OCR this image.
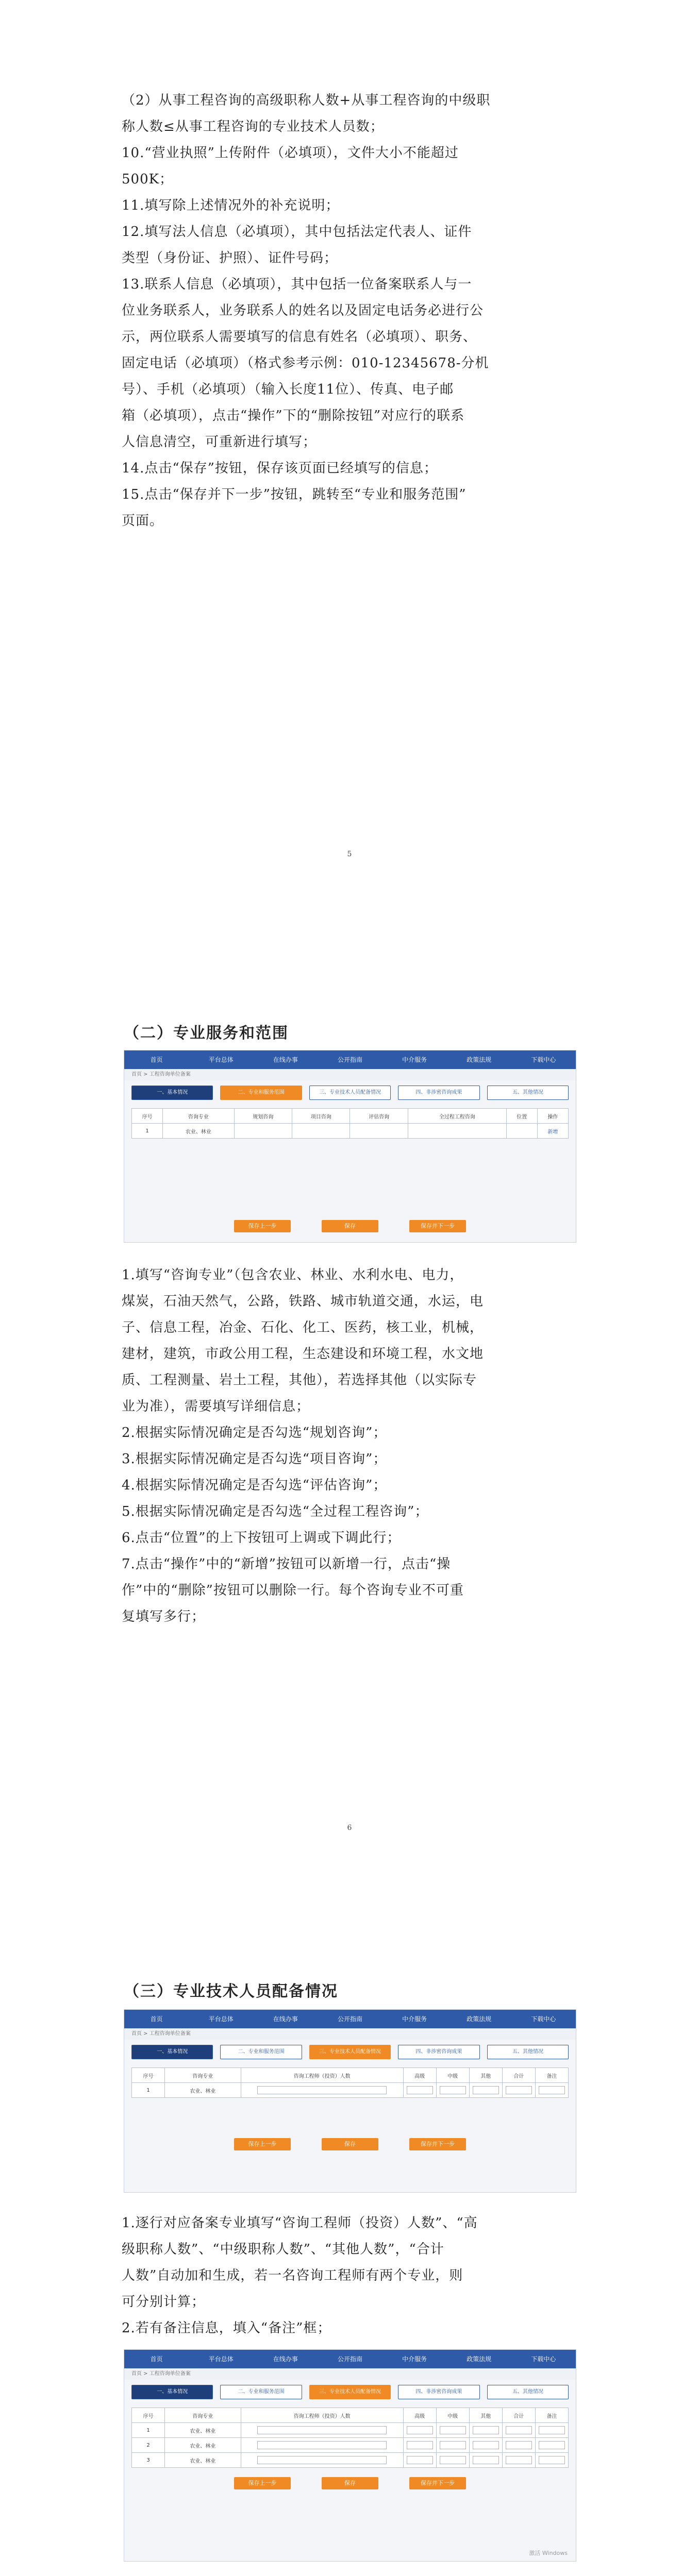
（2）从事工程咨询的高级职称人数+从事工程咨询的中级职
称人数≤从事工程咨询的专业技术人员数；
10.“营业执照”上传附件（必填项），文件大小不能超过
500K；
11.填写除上述情况外的补充说明；
12.填写法人信息（必填项），其中包括法定代表人、证件
类型（身份证、护照）、证件号码；
13.联系人信息（必填项），其中包括一位备案联系人与一
位业务联系人，业务联系人的姓名以及固定电话务必进行公
示，两位联系人需要填写的信息有姓名（必填项）、职务、
固定电话（必填项）（格式参考示例：010-12345678-分机
号）、手机（必填项）（输入长度11位）、传真、电子邮
箱（必填项），点击“操作”下的“删除按钮”对应行的联系
人信息清空，可重新进行填写；
14.点击“保存”按钮，保存该页面已经填写的信息；
15.点击“保存并下一步”按钮，跳转至“专业和服务范围”
页面。
5
（二）专业服务和范围
首页	平台总体	在线办事	公开指南	中介服务	政策法规	下载中心
首页 > 工程咨询单位备案
一、基本情况	二、专业和服务范围	三、专业技术人员配备情况	四、非涉密咨询成果	五、其他情况
序号	咨询专业	规划咨询	项目咨询	评估咨询	全过程工程咨询	位置	操作
1	农业、林业						新增
保存上一步	保存	保存并下一步
1.填写“咨询专业”（包含农业、林业、水利水电、电力，
煤炭，石油天然气，公路，铁路、城市轨道交通，水运，电
子、信息工程，冶金、石化、化工、医药，核工业，机械，
建材，建筑，市政公用工程，生态建设和环境工程，水文地
质、工程测量、岩土工程，其他），若选择其他（以实际专
业为准），需要填写详细信息；
2.根据实际情况确定是否勾选“规划咨询”；
3.根据实际情况确定是否勾选“项目咨询”；
4.根据实际情况确定是否勾选“评估咨询”；
5.根据实际情况确定是否勾选“全过程工程咨询”；
6.点击“位置”的上下按钮可上调或下调此行；
7.点击“操作”中的“新增”按钮可以新增一行，点击“操
作”中的“删除”按钮可以删除一行。每个咨询专业不可重
复填写多行；
6
（三）专业技术人员配备情况
首页	平台总体	在线办事	公开指南	中介服务	政策法规	下载中心
首页 > 工程咨询单位备案
一、基本情况	二、专业和服务范围	三、专业技术人员配备情况	四、非涉密咨询成果	五、其他情况
序号	咨询专业	咨询工程师（投资）人数	高级	中级	其他	合计	备注
1	农业、林业						
保存上一步	保存	保存并下一步
1.逐行对应备案专业填写“咨询工程师（投资）人数”、“高
级职称人数”、“中级职称人数”、“其他人数”，“合计
人数”自动加和生成，若一名咨询工程师有两个专业，则
可分别计算；
2.若有备注信息，填入“备注”框；
首页	平台总体	在线办事	公开指南	中介服务	政策法规	下载中心
首页 > 工程咨询单位备案
一、基本情况	二、专业和服务范围	三、专业技术人员配备情况	四、非涉密咨询成果	五、其他情况
序号	咨询专业	咨询工程师（投资）人数	高级	中级	其他	合计	备注
1	农业、林业						
2	农业、林业						
3	农业、林业						
保存上一步	保存	保存并下一步
激活 Windows
